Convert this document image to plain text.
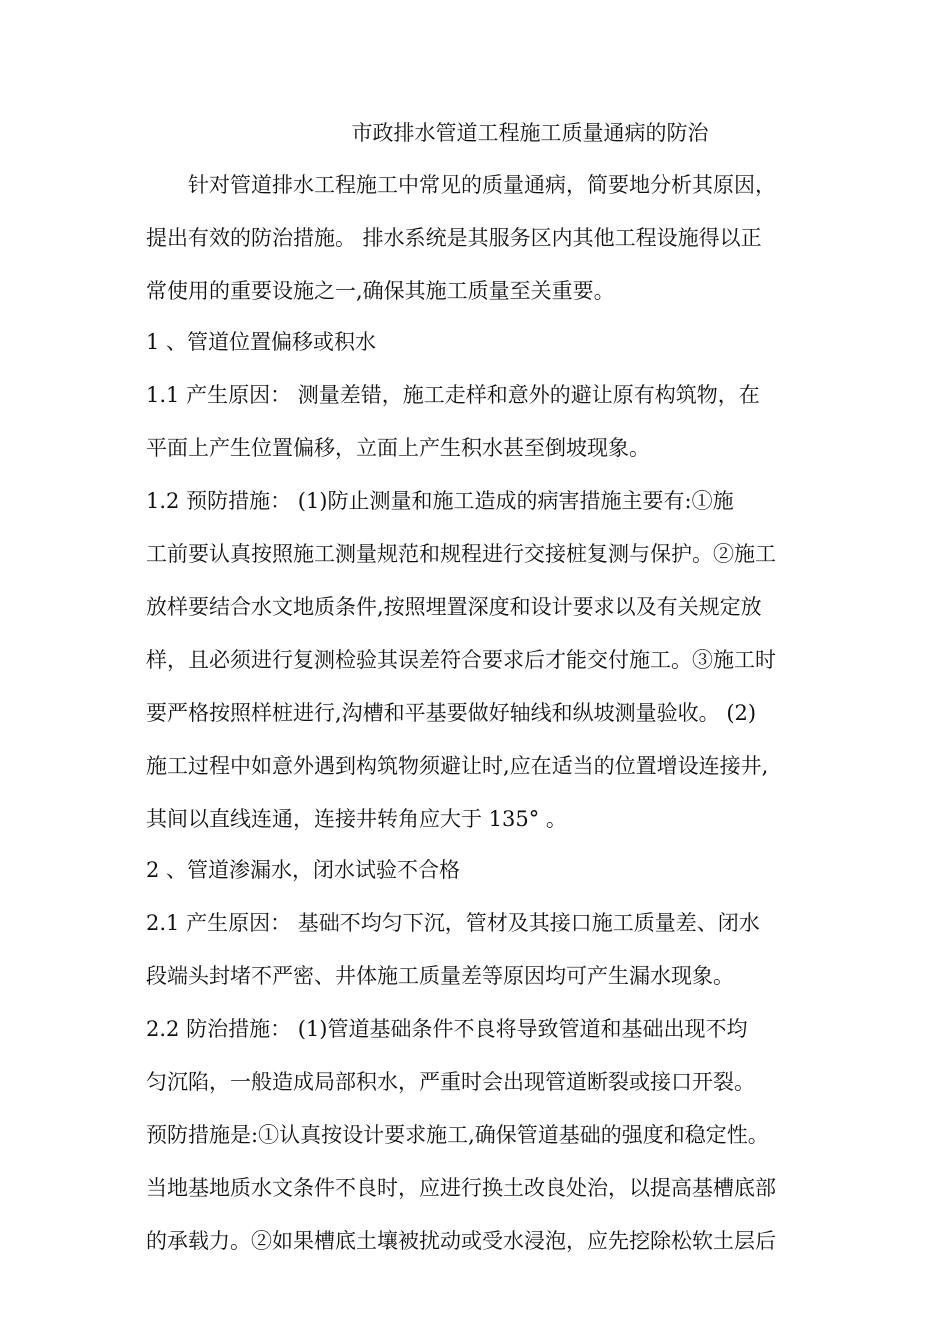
市政排水管道工程施工质量通病的防治
针对管道排水工程施工中常见的质量通病，简要地分析其原因，
提出有效的防治措施。 排水系统是其服务区内其他工程设施得以正
常使用的重要设施之一,确保其施工质量至关重要。
1 、管道位置偏移或积水
1.1 产生原因： 测量差错，施工走样和意外的避让原有构筑物，在
平面上产生位置偏移，立面上产生积水甚至倒坡现象。
1.2 预防措施： (1)防止测量和施工造成的病害措施主要有:①施
工前要认真按照施工测量规范和规程进行交接桩复测与保护。②施工
放样要结合水文地质条件,按照埋置深度和设计要求以及有关规定放
样，且必须进行复测检验其误差符合要求后才能交付施工。③施工时
要严格按照样桩进行,沟槽和平基要做好轴线和纵坡测量验收。 (2)
施工过程中如意外遇到构筑物须避让时,应在适当的位置增设连接井,
其间以直线连通，连接井转角应大于 135° 。
2 、管道渗漏水，闭水试验不合格
2.1 产生原因： 基础不均匀下沉，管材及其接口施工质量差、闭水
段端头封堵不严密、井体施工质量差等原因均可产生漏水现象。
2.2 防治措施： (1)管道基础条件不良将导致管道和基础出现不均
匀沉陷，一般造成局部积水，严重时会出现管道断裂或接口开裂。
预防措施是:①认真按设计要求施工,确保管道基础的强度和稳定性。
当地基地质水文条件不良时，应进行换土改良处治，以提高基槽底部
的承载力。②如果槽底土壤被扰动或受水浸泡，应先挖除松软土层后
